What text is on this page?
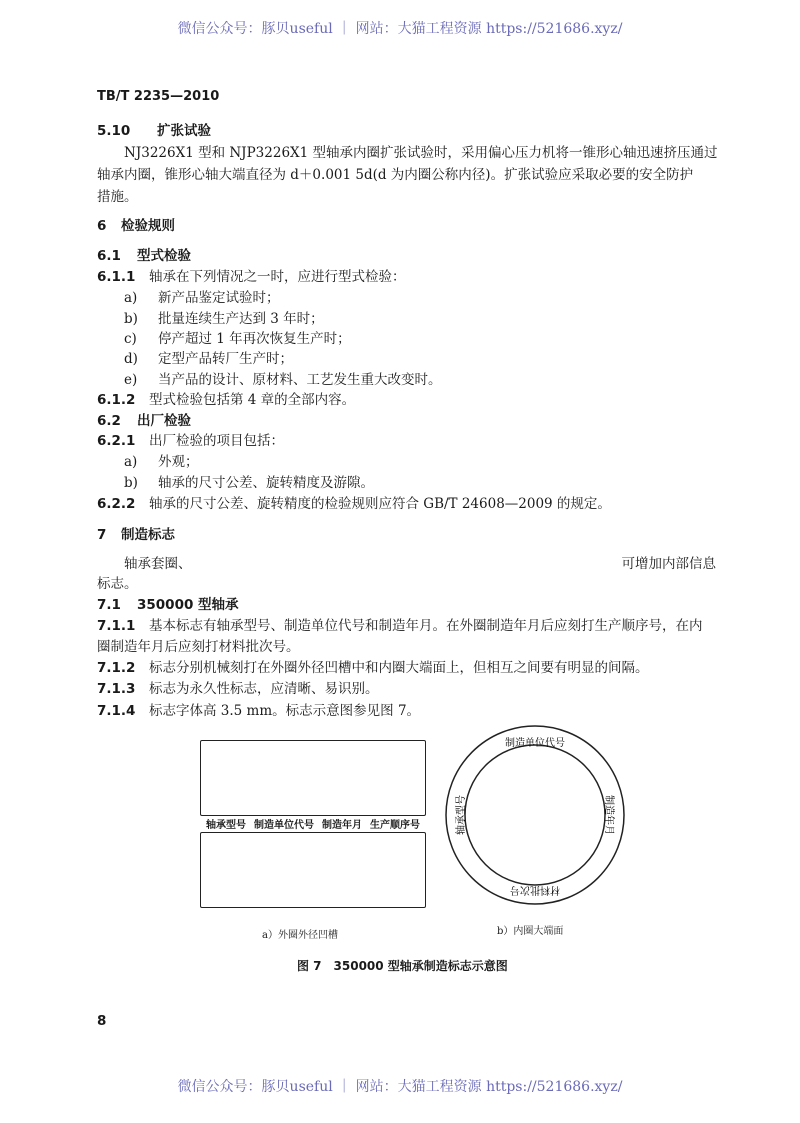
微信公众号：豚贝useful ｜ 网站：大猫工程资源 https://521686.xyz/
TB/T 2235—2010
5.10 扩张试验
NJ3226X1 型和 NJP3226X1 型轴承内圈扩张试验时，采用偏心压力机将一锥形心轴迅速挤压通过
轴承内圈，锥形心轴大端直径为 d＋0.001 5d(d 为内圈公称内径)。扩张试验应采取必要的安全防护
措施。
6 检验规则
6.1 型式检验
6.1.1 轴承在下列情况之一时，应进行型式检验：
a) 新产品鉴定试验时；
b) 批量连续生产达到 3 年时；
c) 停产超过 1 年再次恢复生产时；
d) 定型产品转厂生产时；
e) 当产品的设计、原材料、工艺发生重大改变时。
6.1.2 型式检验包括第 4 章的全部内容。
6.2 出厂检验
6.2.1 出厂检验的项目包括：
a) 外观；
b) 轴承的尺寸公差、旋转精度及游隙。
6.2.2 轴承的尺寸公差、旋转精度的检验规则应符合 GB/T 24608—2009 的规定。
7 制造标志
轴承套圈、	可增加内部信息
标志。
7.1 350000 型轴承
7.1.1 基本标志有轴承型号、制造单位代号和制造年月。在外圈制造年月后应刻打生产顺序号，在内
圈制造年月后应刻打材料批次号。
7.1.2 标志分别机械刻打在外圈外径凹槽中和内圈大端面上，但相互之间要有明显的间隔。
7.1.3 标志为永久性标志，应清晰、易识别。
7.1.4 标志字体高 3.5 mm。标志示意图参见图 7。
轴承型号 制造单位代号 制造年月 生产顺序号
制造单位代号
制造年月
材料批次号
轴承型号
a）外圈外径凹槽	b）内圈大端面
图 7　350000 型轴承制造标志示意图
8
微信公众号：豚贝useful ｜ 网站：大猫工程资源 https://521686.xyz/
